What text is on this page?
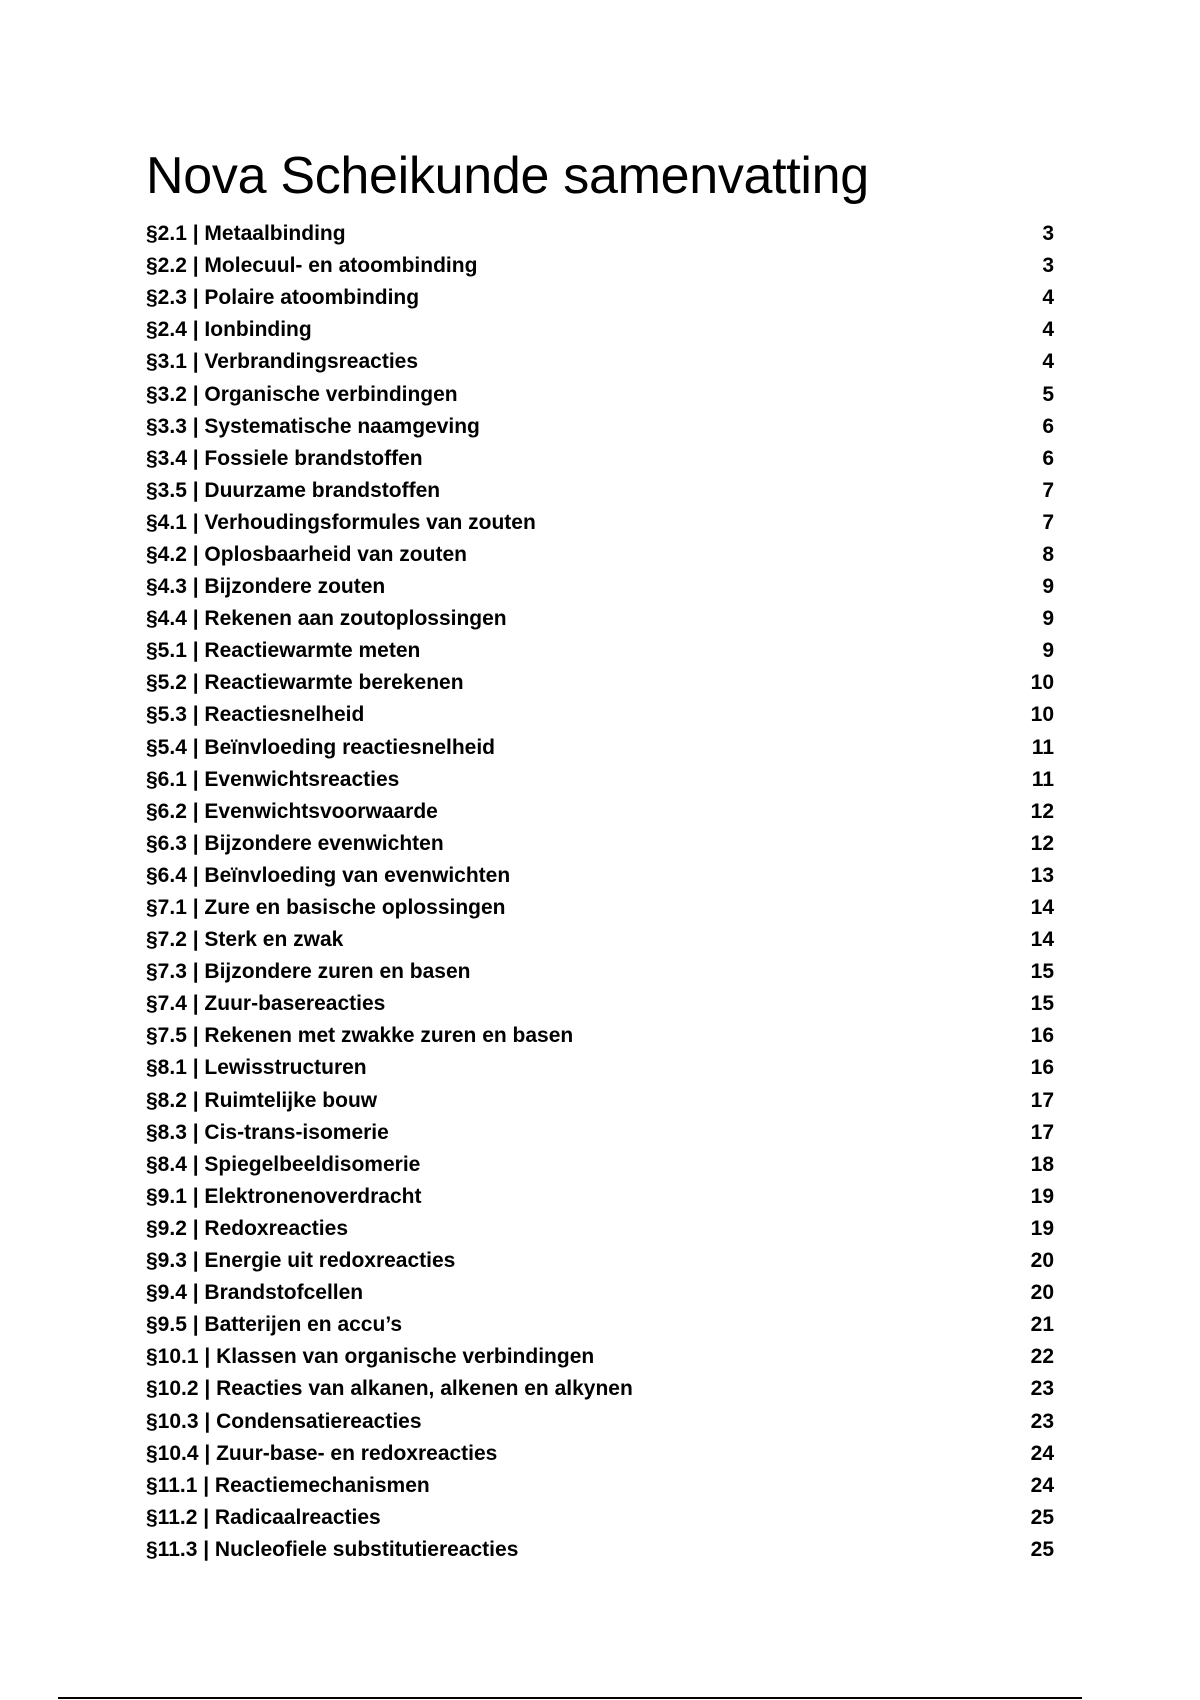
Nova Scheikunde samenvatting
§2.1 | Metaalbinding	3
§2.2 | Molecuul- en atoombinding	3
§2.3 | Polaire atoombinding	4
§2.4 | Ionbinding	4
§3.1 | Verbrandingsreacties	4
§3.2 | Organische verbindingen	5
§3.3 | Systematische naamgeving	6
§3.4 | Fossiele brandstoffen	6
§3.5 | Duurzame brandstoffen	7
§4.1 | Verhoudingsformules van zouten	7
§4.2 | Oplosbaarheid van zouten	8
§4.3 | Bijzondere zouten	9
§4.4 | Rekenen aan zoutoplossingen	9
§5.1 | Reactiewarmte meten	9
§5.2 | Reactiewarmte berekenen	10
§5.3 | Reactiesnelheid	10
§5.4 | Beïnvloeding reactiesnelheid	11
§6.1 | Evenwichtsreacties	11
§6.2 | Evenwichtsvoorwaarde	12
§6.3 | Bijzondere evenwichten	12
§6.4 | Beïnvloeding van evenwichten	13
§7.1 | Zure en basische oplossingen	14
§7.2 | Sterk en zwak	14
§7.3 | Bijzondere zuren en basen	15
§7.4 | Zuur-basereacties	15
§7.5 | Rekenen met zwakke zuren en basen	16
§8.1 | Lewisstructuren	16
§8.2 | Ruimtelijke bouw	17
§8.3 | Cis-trans-isomerie	17
§8.4 | Spiegelbeeldisomerie	18
§9.1 | Elektronenoverdracht	19
§9.2 | Redoxreacties	19
§9.3 | Energie uit redoxreacties	20
§9.4 | Brandstofcellen	20
§9.5 | Batterijen en accu’s	21
§10.1 | Klassen van organische verbindingen	22
§10.2 | Reacties van alkanen, alkenen en alkynen	23
§10.3 | Condensatiereacties	23
§10.4 | Zuur-base- en redoxreacties	24
§11.1 | Reactiemechanismen	24
§11.2 | Radicaalreacties	25
§11.3 | Nucleofiele substitutiereacties	25
